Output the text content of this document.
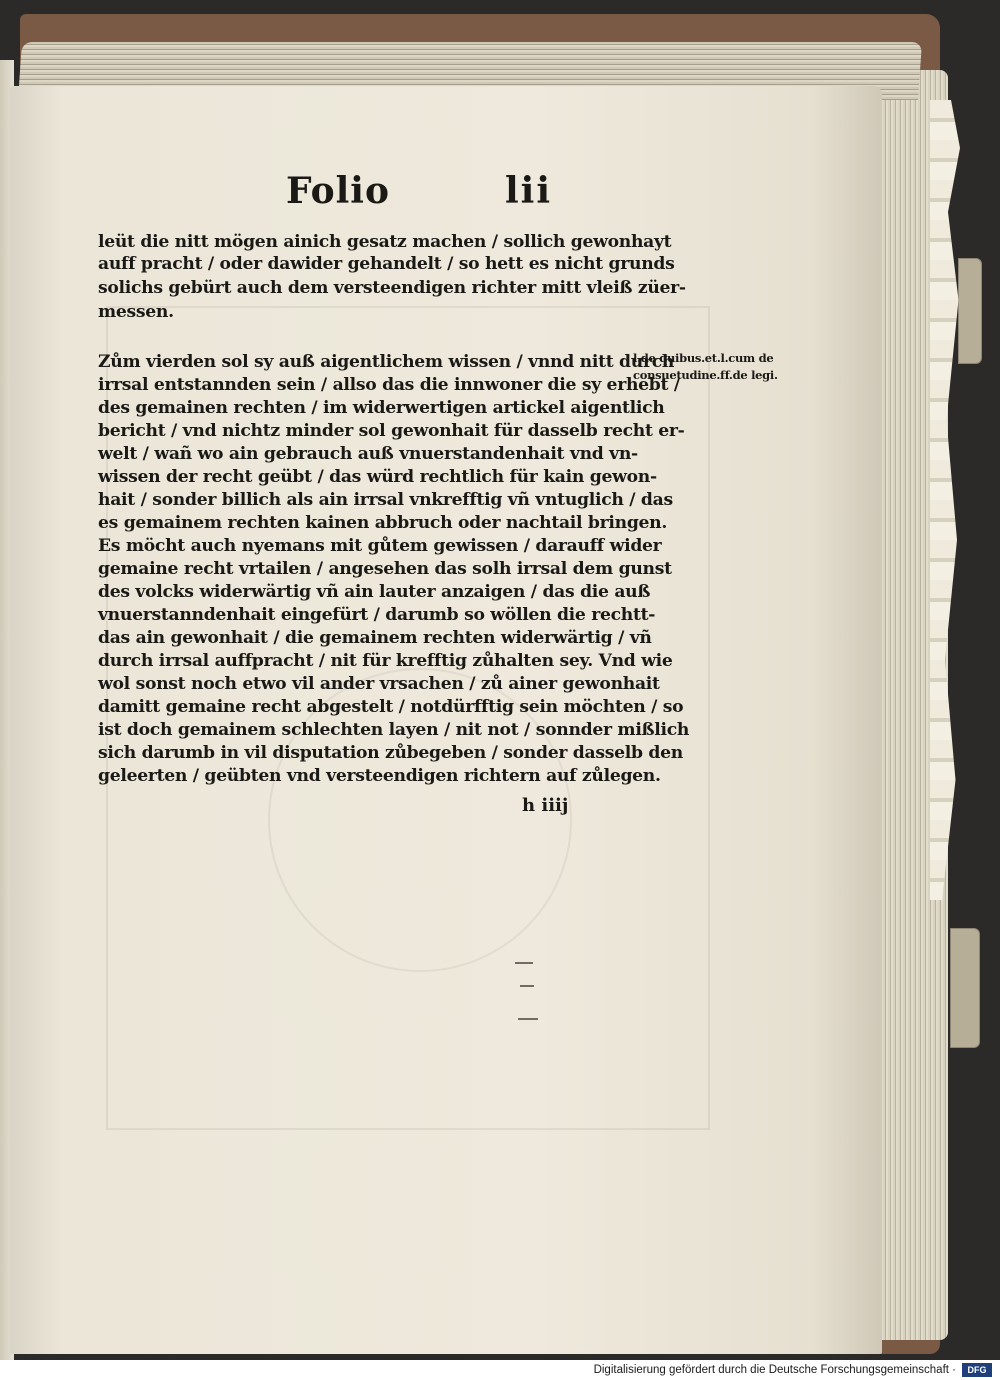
Folio	lii
leüt die nitt mögen ainich gesatz machen / sollich gewonhayt
auff pracht / oder dawider gehandelt / so hett es nicht grunds
solichs gebürt auch dem versteendigen richter mitt vleiß züer-
messen.
Zům vierden sol sy auß aigentlichem wissen / vnnd nitt durch
irrsal entstannden sein / allso das die innwoner die sy erhebt /
des gemainen rechten / im widerwertigen artickel aigentlich
bericht / vnd nichtz minder sol gewonhait für dasselb recht er-
welt / wañ wo ain gebrauch auß vnuerstandenhait vnd vn-
wissen der recht geübt / das würd rechtlich für kain gewon-
hait / sonder billich als ain irrsal vnkrefftig vñ vntuglich / das
es gemainem rechten kainen abbruch oder nachtail bringen.
Es möcht auch nyemans mit gůtem gewissen / darauff wider
gemaine recht vrtailen / angesehen das solh irrsal dem gunst
des volcks widerwärtig vñ ain lauter anzaigen / das die auß
vnuerstanndenhait eingefürt / darumb so wöllen die rechtt-
das ain gewonhait / die gemainem rechten widerwärtig / vñ
durch irrsal auffpracht / nit für krefftig zůhalten sey. Vnd wie
wol sonst noch etwo vil ander vrsachen / zů ainer gewonhait
damitt gemaine recht abgestelt / notdürfftig sein möchten / so
ist doch gemainem schlechten layen / nit not / sonnder mißlich
sich darumb in vil disputation zůbegeben / sonder dasselb den
geleerten / geübten vnd versteendigen richtern auf zůlegen.
l.de quibus.et.l.cum de
consuetudine.ff.de legi.
h iiij
Digitalisierung gefördert durch die Deutsche Forschungsgemeinschaft ·	DFG
